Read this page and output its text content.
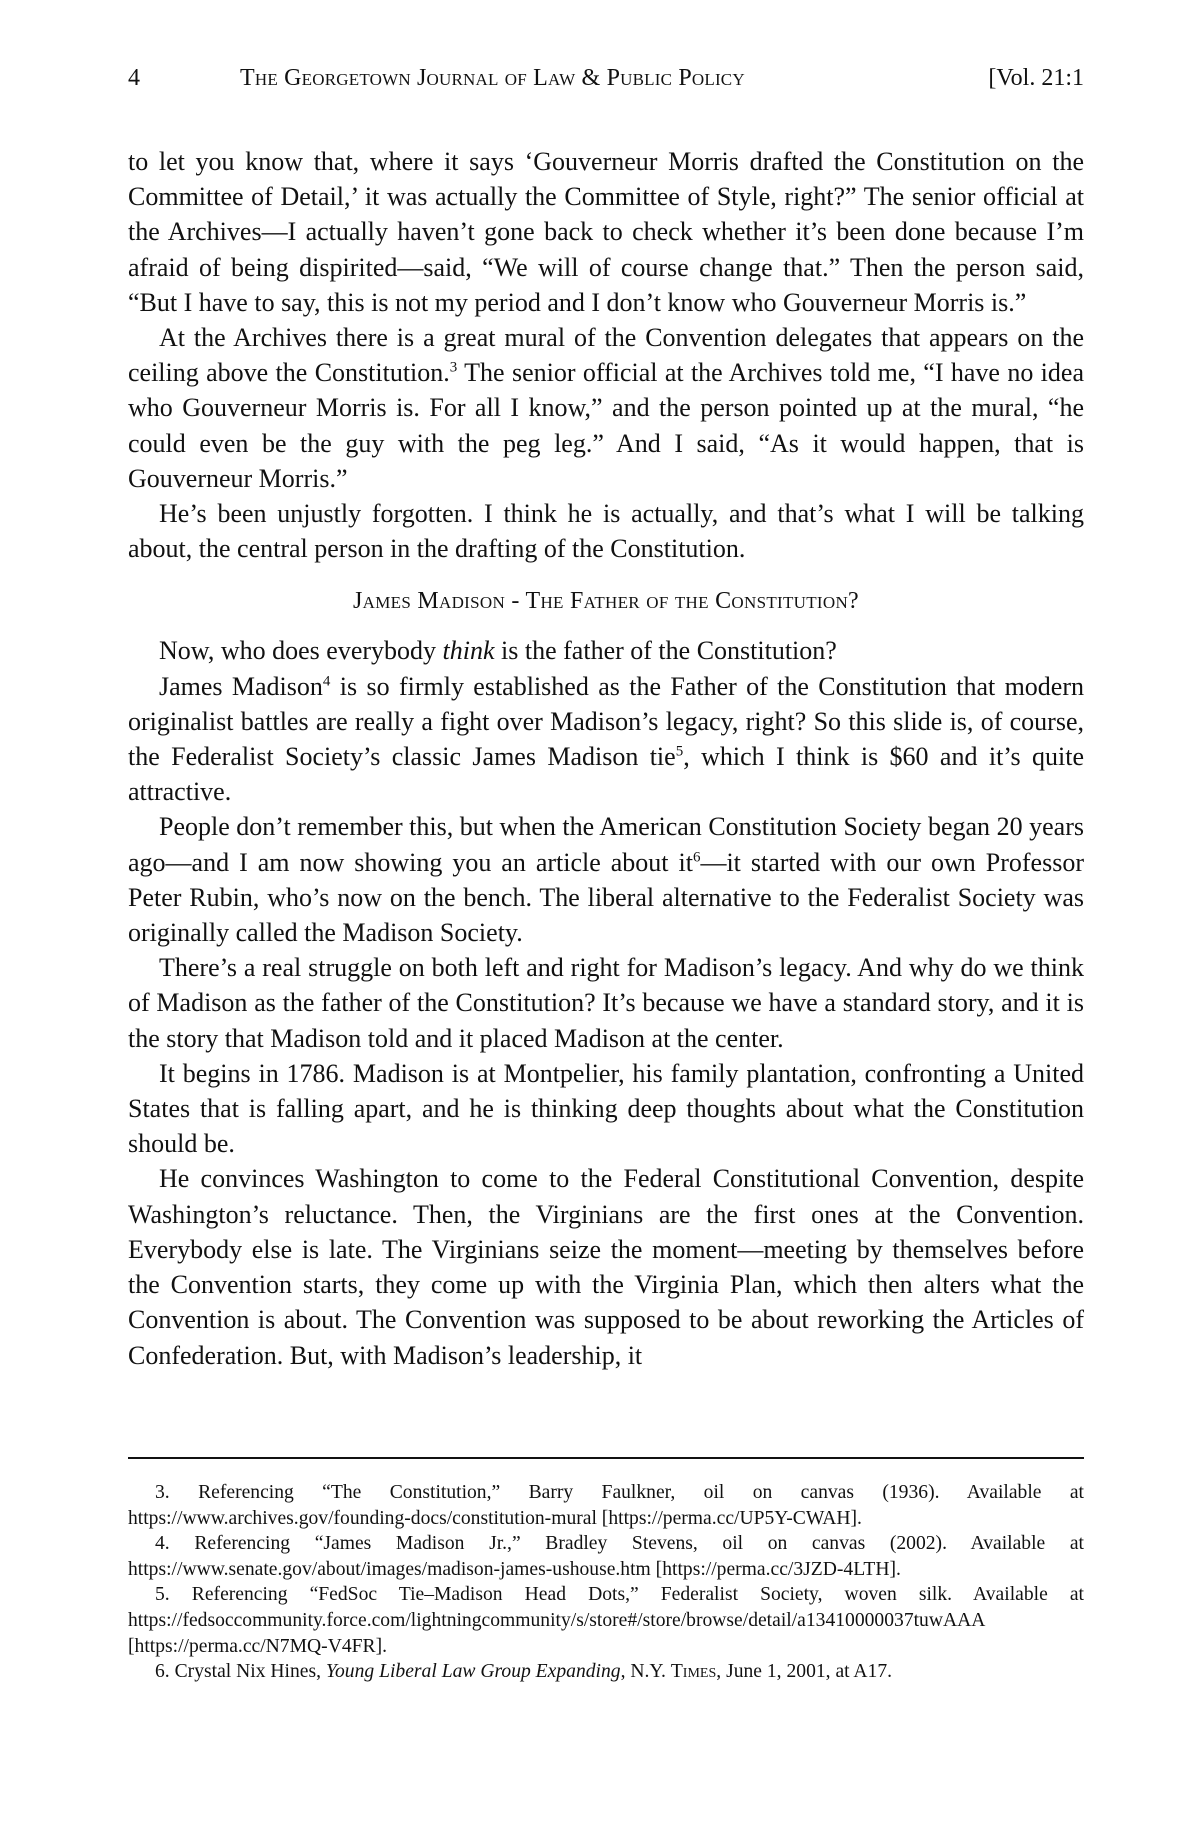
4	The Georgetown Journal of Law & Public Policy	[Vol. 21:1

to let you know that, where it says ‘Gouverneur Morris drafted the Constitution on the Committee of Detail,’ it was actually the Committee of Style, right?” The senior official at the Archives—I actually haven’t gone back to check whether it’s been done because I’m afraid of being dispirited—said, “We will of course change that.” Then the person said, “But I have to say, this is not my period and I don’t know who Gouverneur Morris is.”

At the Archives there is a great mural of the Convention delegates that appears on the ceiling above the Constitution.$^3$ The senior official at the Archives told me, “I have no idea who Gouverneur Morris is. For all I know,” and the person pointed up at the mural, “he could even be the guy with the peg leg.” And I said, “As it would happen, that is Gouverneur Morris.”

He’s been unjustly forgotten. I think he is actually, and that’s what I will be talking about, the central person in the drafting of the Constitution.

James Madison - The Father of the Constitution?

Now, who does everybody think is the father of the Constitution?

James Madison$^4$ is so firmly established as the Father of the Constitution that modern originalist battles are really a fight over Madison’s legacy, right? So this slide is, of course, the Federalist Society’s classic James Madison tie$^5$, which I think is $60 and it’s quite attractive.

People don’t remember this, but when the American Constitution Society began 20 years ago—and I am now showing you an article about $it^6—it$ started with our own Professor Peter Rubin, who’s now on the bench. The liberal alternative to the Federalist Society was originally called the Madison Society.

There’s a real struggle on both left and right for Madison’s legacy. And why do we think of Madison as the father of the Constitution? It’s because we have a standard story, and it is the story that Madison told and it placed Madison at the center.

It begins in 1786. Madison is at Montpelier, his family plantation, confronting a United States that is falling apart, and he is thinking deep thoughts about what the Constitution should be.

He convinces Washington to come to the Federal Constitutional Convention, despite Washington’s reluctance. Then, the Virginians are the first ones at the Convention. Everybody else is late. The Virginians seize the moment—meeting by themselves before the Convention starts, they come up with the Virginia Plan, which then alters what the Convention is about. The Convention was supposed to be about reworking the Articles of Confederation. But, with Madison’s leadership, it

3. Referencing “The Constitution,” Barry Faulkner, oil on canvas (1936). Available at https://www.archives.gov/founding-docs/constitution-mural [https://perma.cc/UP5Y-CWAH].

4. Referencing “James Madison Jr.,” Bradley Stevens, oil on canvas (2002). Available at https://www.senate.gov/about/images/madison-james-ushouse.htm [https://perma.cc/3JZD-4LTH].

5. Referencing “FedSoc Tie–Madison Head Dots,” Federalist Society, woven silk. Available at https://fedsoccommunity.force.com/lightningcommunity/s/store#/store/browse/detail/a13410000037tuwAAA [https://perma.cc/N7MQ-V4FR].

6. Crystal Nix Hines, Young Liberal Law Group Expanding, N.Y. Times, June 1, 2001, at A17.
